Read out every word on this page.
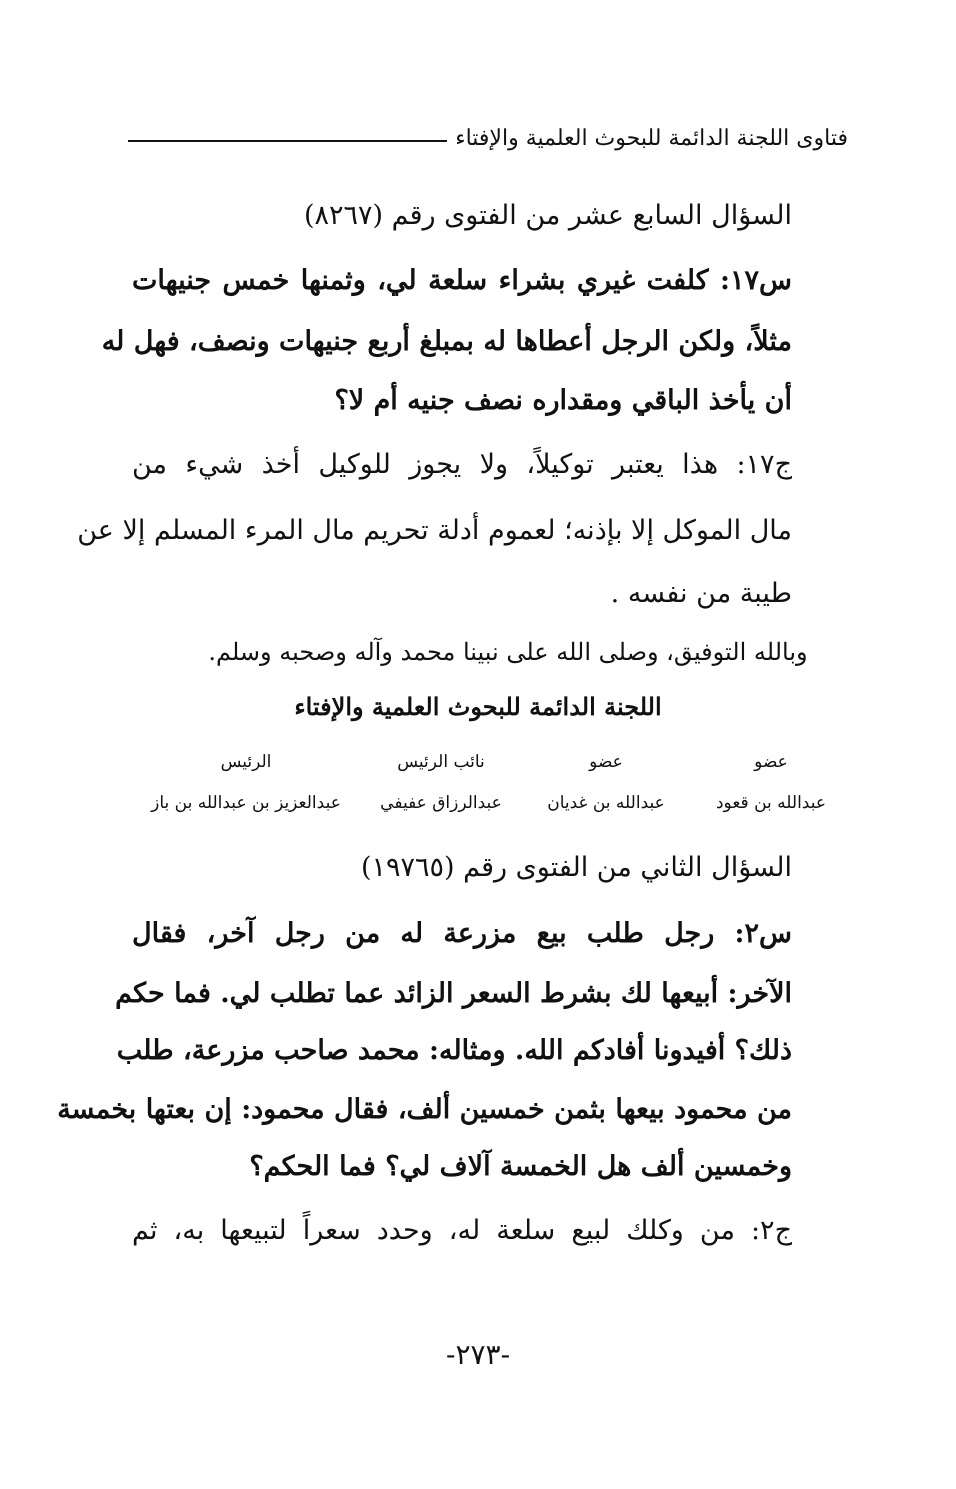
فتاوى اللجنة الدائمة للبحوث العلمية والإفتاء
السؤال السابع عشر من الفتوى رقم (٨٢٦٧)
س١٧: كلفت غيري بشراء سلعة لي، وثمنها خمس جنيهات
مثلاً، ولكن الرجل أعطاها له بمبلغ أربع جنيهات ونصف، فهل له
أن يأخذ الباقي ومقداره نصف جنيه أم لا؟
ج١٧: هذا يعتبر توكيلاً، ولا يجوز للوكيل أخذ شيء من
مال الموكل إلا بإذنه؛ لعموم أدلة تحريم مال المرء المسلم إلا عن
طيبة من نفسه .
وبالله التوفيق، وصلى الله على نبينا محمد وآله وصحبه وسلم.
اللجنة الدائمة للبحوث العلمية والإفتاء
عضو
عبدالله بن قعود
عضو
عبدالله بن غديان
نائب الرئيس
عبدالرزاق عفيفي
الرئيس
عبدالعزيز بن عبدالله بن باز
السؤال الثاني من الفتوى رقم (١٩٧٦٥)
س٢: رجل طلب بيع مزرعة له من رجل آخر، فقال
الآخر: أبيعها لك بشرط السعر الزائد عما تطلب لي. فما حكم
ذلك؟ أفيدونا أفادكم الله. ومثاله: محمد صاحب مزرعة، طلب
من محمود بيعها بثمن خمسين ألف، فقال محمود: إن بعتها بخمسة
وخمسين ألف هل الخمسة آلاف لي؟ فما الحكم؟
ج٢: من وكلك لبيع سلعة له، وحدد سعراً لتبيعها به، ثم
-٢٧٣-
